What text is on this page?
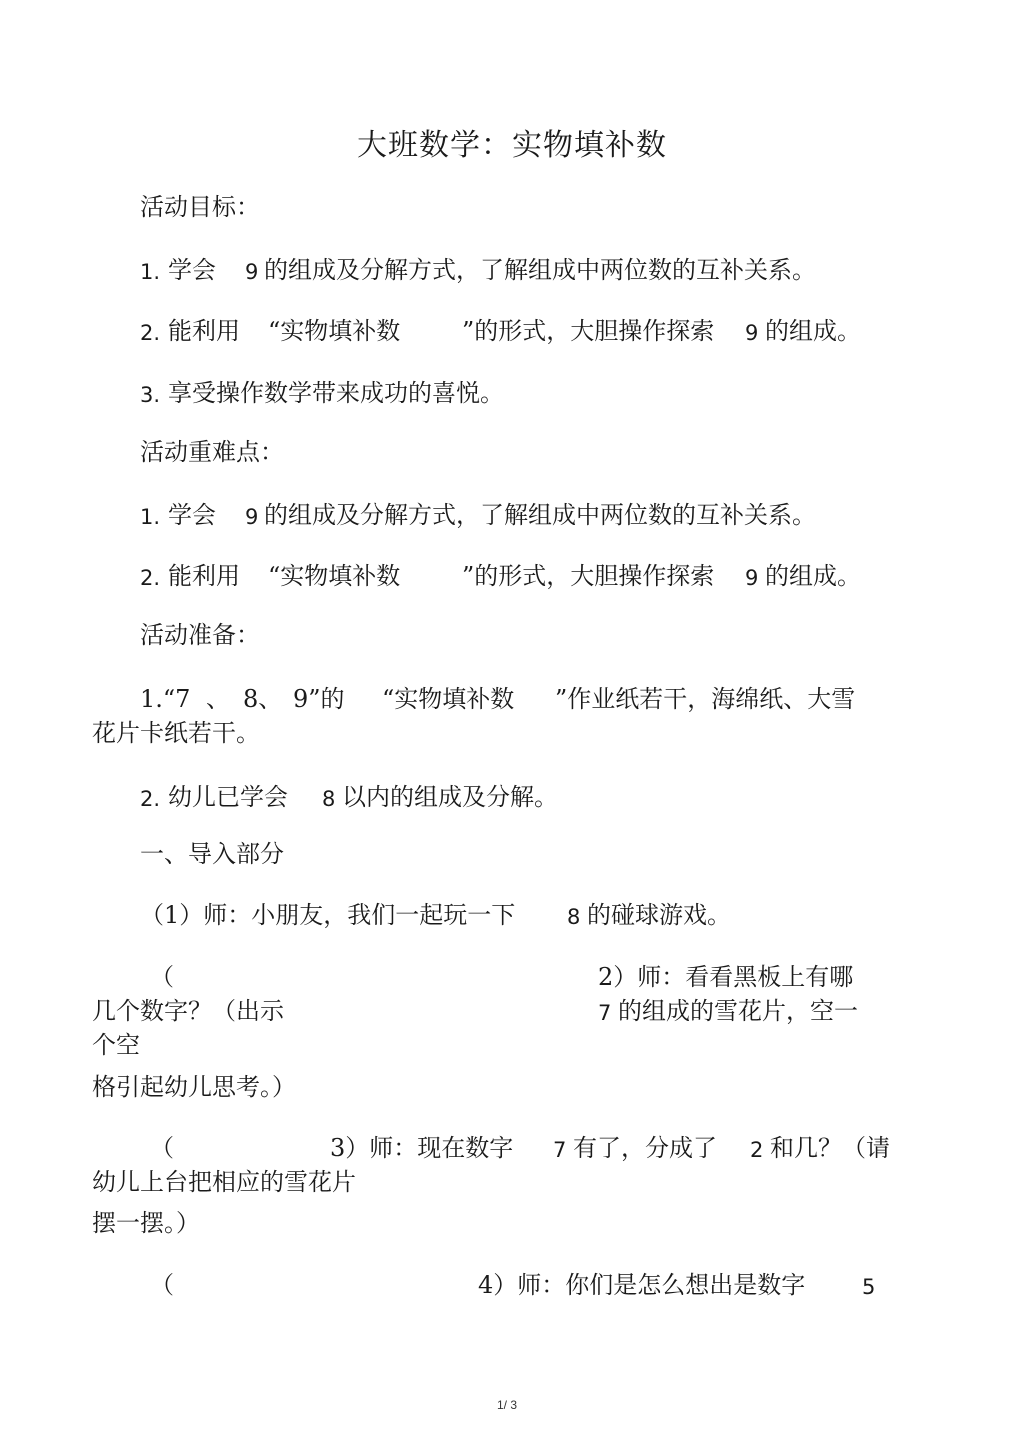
大班数学：实物填补数
活动目标：
1. 学会 9 的组成及分解方式，了解组成中两位数的互补关系。
2. 能利用 “实物填补数	”的形式，大胆操作探索 9 的组成。
3. 享受操作数学带来成功的喜悦。
活动重难点：
1. 学会 9 的组成及分解方式，了解组成中两位数的互补关系。
2. 能利用 “实物填补数	”的形式，大胆操作探索 9 的组成。
活动准备：
1.“7 、 8、 9”的 “实物填补数 ”作业纸若干，海绵纸、大雪
花片卡纸若干。
2. 幼儿已学会 8 以内的组成及分解。
一、导入部分
（1）师：小朋友，我们一起玩一下 8 的碰球游戏。
（	2）师：看看黑板上有哪
几个数字？（出示	7 的组成的雪花片，空一
个空
格引起幼儿思考。）
（	3）师：现在数字 7 有了，分成了 2 和几？（请
幼儿上台把相应的雪花片
摆一摆。）
（	4）师：你们是怎么想出是数字	5
1/ 3
